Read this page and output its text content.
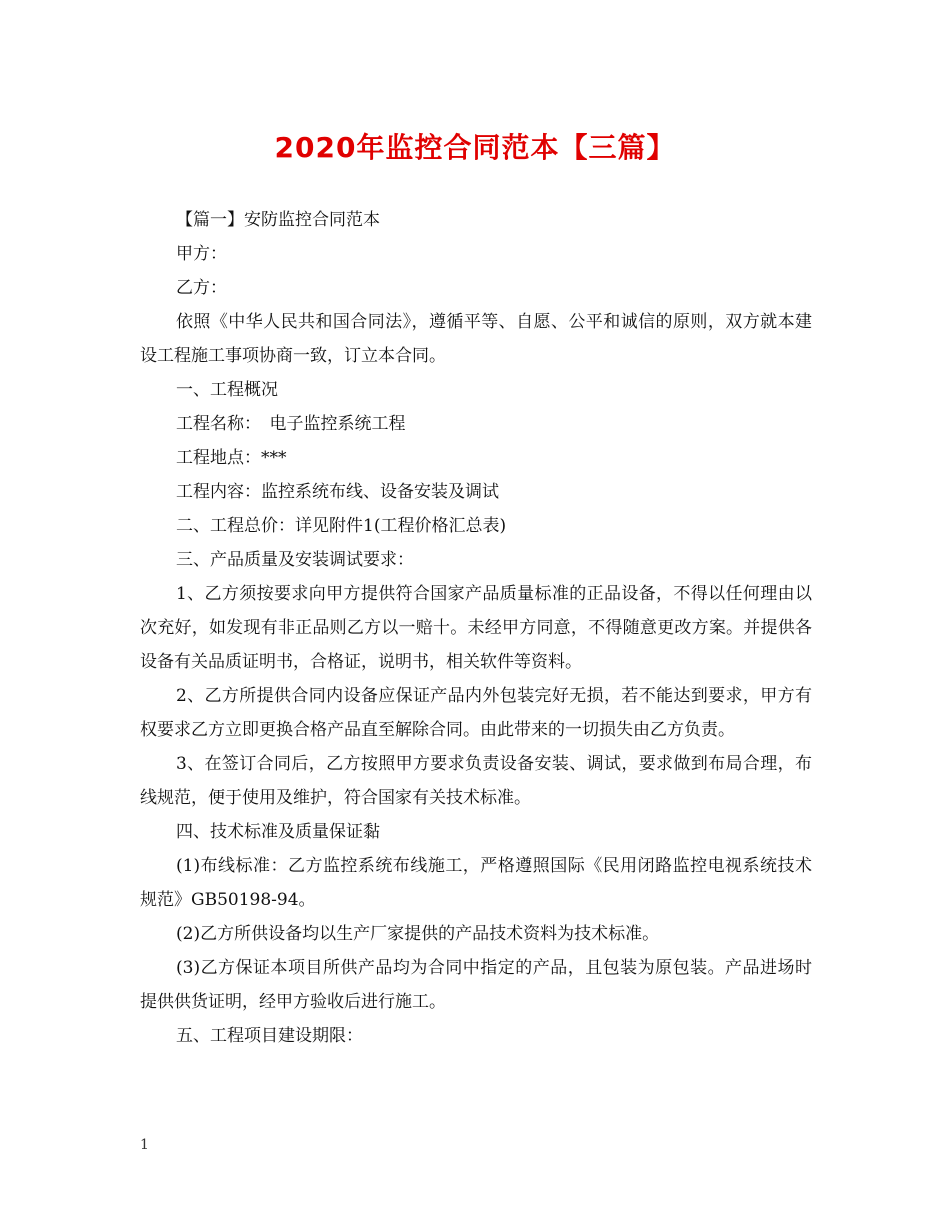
2020年监控合同范本【三篇】

【篇一】安防监控合同范本

甲方：

乙方：

依照《中华人民共和国合同法》，遵循平等、自愿、公平和诚信的原则，双方就本建设工程施工事项协商一致，订立本合同。

一、工程概况

工程名称：　电子监控系统工程

工程地点：***

工程内容：监控系统布线、设备安装及调试

二、工程总价：详见附件1(工程价格汇总表)

三、产品质量及安装调试要求：

1、乙方须按要求向甲方提供符合国家产品质量标准的正品设备，不得以任何理由以次充好，如发现有非正品则乙方以一赔十。未经甲方同意，不得随意更改方案。并提供各设备有关品质证明书，合格证，说明书，相关软件等资料。

2、乙方所提供合同内设备应保证产品内外包装完好无损，若不能达到要求，甲方有权要求乙方立即更换合格产品直至解除合同。由此带来的一切损失由乙方负责。

3、在签订合同后，乙方按照甲方要求负责设备安装、调试，要求做到布局合理，布线规范，便于使用及维护，符合国家有关技术标准。

四、技术标准及质量保证黏

(1)布线标准：乙方监控系统布线施工，严格遵照国际《民用闭路监控电视系统技术规范》GB50198-94。

(2)乙方所供设备均以生产厂家提供的产品技术资料为技术标准。

(3)乙方保证本项目所供产品均为合同中指定的产品，且包装为原包装。产品进场时提供供货证明，经甲方验收后进行施工。

五、工程项目建设期限：

1
